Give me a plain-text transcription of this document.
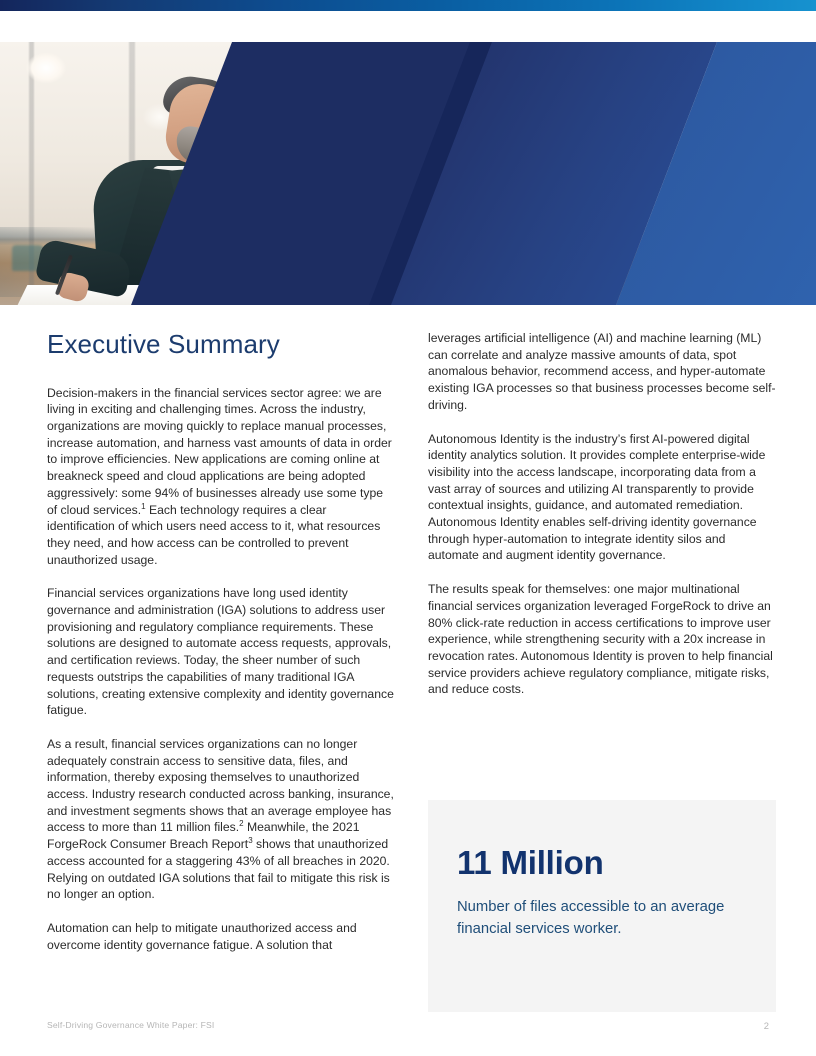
Executive Summary

Decision-makers in the financial services sector agree: we are living in exciting and challenging times. Across the industry, organizations are moving quickly to replace manual processes, increase automation, and harness vast amounts of data in order to improve efficiencies. New applications are coming online at breakneck speed and cloud applications are being adopted aggressively: some 94% of businesses already use some type of cloud services.$^1$ Each technology requires a clear identification of which users need access to it, what resources they need, and how access can be controlled to prevent unauthorized usage.

Financial services organizations have long used identity governance and administration (IGA) solutions to address user provisioning and regulatory compliance requirements. These solutions are designed to automate access requests, approvals, and certification reviews. Today, the sheer number of such requests outstrips the capabilities of many traditional IGA solutions, creating extensive complexity and identity governance fatigue.

As a result, financial services organizations can no longer adequately constrain access to sensitive data, files, and information, thereby exposing themselves to unauthorized access. Industry research conducted across banking, insurance, and investment segments shows that an average employee has access to more than 11 million files.$^2$ Meanwhile, the 2021 ForgeRock Consumer Breach Report$^3$ shows that unauthorized access accounted for a staggering 43% of all breaches in 2020. Relying on outdated IGA solutions that fail to mitigate this risk is no longer an option.

Automation can help to mitigate unauthorized access and overcome identity governance fatigue. A solution that

leverages artificial intelligence (AI) and machine learning (ML) can correlate and analyze massive amounts of data, spot anomalous behavior, recommend access, and hyper-automate existing IGA processes so that business processes become self-driving.

Autonomous Identity is the industry’s first AI-powered digital identity analytics solution. It provides complete enterprise-wide visibility into the access landscape, incorporating data from a vast array of sources and utilizing AI transparently to provide contextual insights, guidance, and automated remediation. Autonomous Identity enables self-driving identity governance through hyper-automation to integrate identity silos and automate and augment identity governance.

The results speak for themselves: one major multinational financial services organization leveraged ForgeRock to drive an 80% click-rate reduction in access certifications to improve user experience, while strengthening security with a 20x increase in revocation rates. Autonomous Identity is proven to help financial service providers achieve regulatory compliance, mitigate risks, and reduce costs.

11 Million
Number of files accessible to an average financial services worker.
Self-Driving Governance White Paper: FSI	2
